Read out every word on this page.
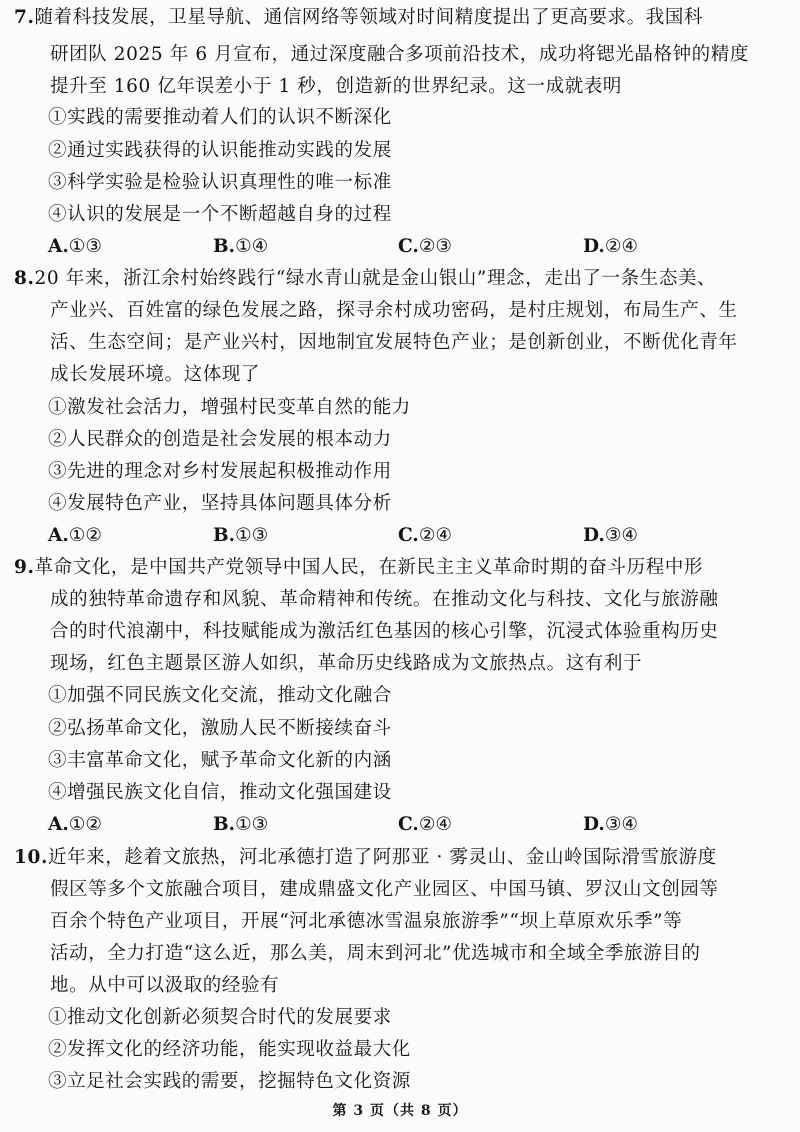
7.随着科技发展，卫星导航、通信网络等领域对时间精度提出了更高要求。我国科
研团队 2025 年 6 月宣布，通过深度融合多项前沿技术，成功将锶光晶格钟的精度
提升至 160 亿年误差小于 1 秒，创造新的世界纪录。这一成就表明
①实践的需要推动着人们的认识不断深化
②通过实践获得的认识能推动实践的发展
③科学实验是检验认识真理性的唯一标准
④认识的发展是一个不断超越自身的过程
A.①③	B.①④	C.②③	D.②④
8.20 年来，浙江余村始终践行“绿水青山就是金山银山”理念，走出了一条生态美、
产业兴、百姓富的绿色发展之路，探寻余村成功密码，是村庄规划，布局生产、生
活、生态空间；是产业兴村，因地制宜发展特色产业；是创新创业，不断优化青年
成长发展环境。这体现了
①激发社会活力，增强村民变革自然的能力
②人民群众的创造是社会发展的根本动力
③先进的理念对乡村发展起积极推动作用
④发展特色产业，坚持具体问题具体分析
A.①②	B.①③	C.②④	D.③④
9.革命文化，是中国共产党领导中国人民，在新民主主义革命时期的奋斗历程中形
成的独特革命遗存和风貌、革命精神和传统。在推动文化与科技、文化与旅游融
合的时代浪潮中，科技赋能成为激活红色基因的核心引擎，沉浸式体验重构历史
现场，红色主题景区游人如织，革命历史线路成为文旅热点。这有利于
①加强不同民族文化交流，推动文化融合
②弘扬革命文化，激励人民不断接续奋斗
③丰富革命文化，赋予革命文化新的内涵
④增强民族文化自信，推动文化强国建设
A.①②	B.①③	C.②④	D.③④
10.近年来，趁着文旅热，河北承德打造了阿那亚 · 雾灵山、金山岭国际滑雪旅游度
假区等多个文旅融合项目，建成鼎盛文化产业园区、中国马镇、罗汉山文创园等
百余个特色产业项目，开展“河北承德冰雪温泉旅游季”“坝上草原欢乐季”等
活动，全力打造“这么近，那么美，周末到河北”优选城市和全域全季旅游目的
地。从中可以汲取的经验有
①推动文化创新必须契合时代的发展要求
②发挥文化的经济功能，能实现收益最大化
③立足社会实践的需要，挖掘特色文化资源
第 3 页（共 8 页）
